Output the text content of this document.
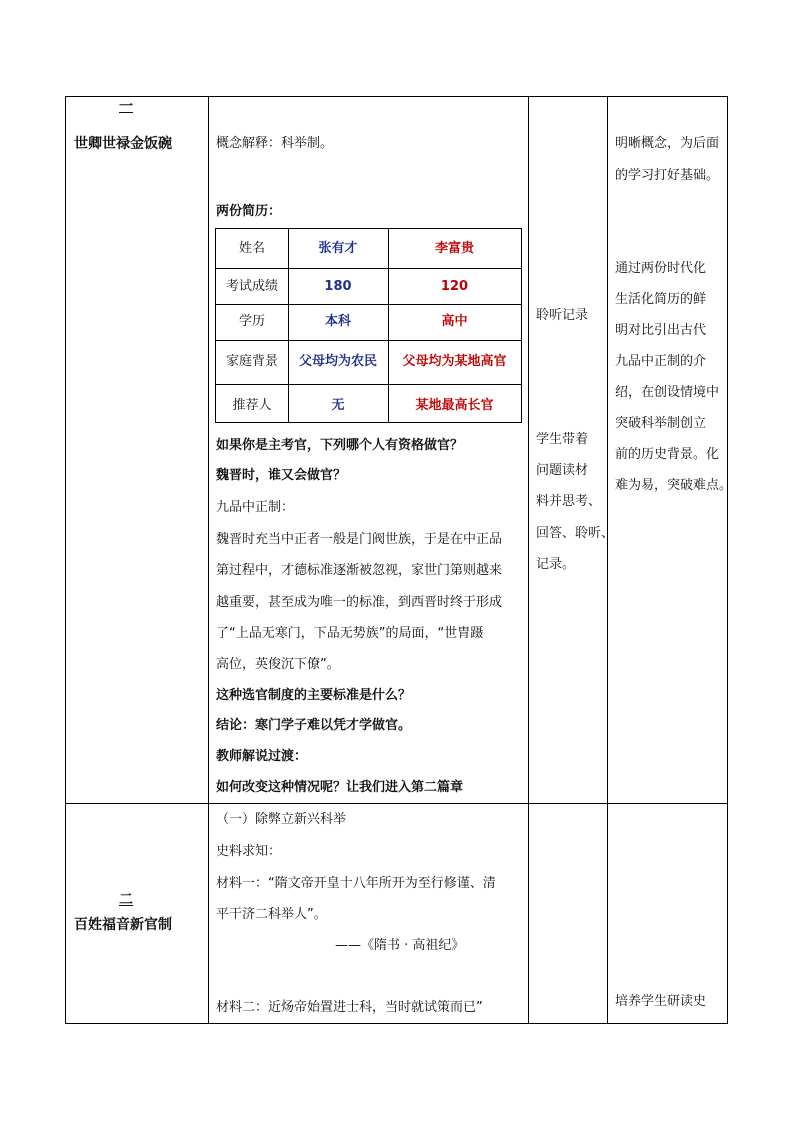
一
世卿世禄金饭碗
二
百姓福音新官制
概念解释：科举制。
两份简历：
姓名	张有才	李富贵
考试成绩	180	120
学历	本科	高中
家庭背景	父母均为农民	父母均为某地高官
推荐人	无	某地最高长官
如果你是主考官，下列哪个人有资格做官？
魏晋时，谁又会做官？
九品中正制：
魏晋时充当中正者一般是门阀世族，于是在中正品
第过程中，才德标准逐渐被忽视，家世门第则越来
越重要，甚至成为唯一的标准，到西晋时终于形成
了“上品无寒门，下品无势族”的局面，“世胄蹑
高位，英俊沉下僚”。
这种选官制度的主要标准是什么？
结论：寒门学子难以凭才学做官。
教师解说过渡：
如何改变这种情况呢？让我们进入第二篇章
（一）除弊立新兴科举
史料求知：
材料一：“隋文帝开皇十八年所开为至行修谨、清
平干济二科举人”。
——《隋书 · 高祖纪》
材料二：近炀帝始置进士科，当时就试策而已”
聆听记录
学生带着
问题读材
料并思考、
回答、聆听、
记录。
明晰概念，为后面
的学习打好基础。
通过两份时代化
生活化简历的鲜
明对比引出古代
九品中正制的介
绍，在创设情境中
突破科举制创立
前的历史背景。化
难为易，突破难点。
培养学生研读史
